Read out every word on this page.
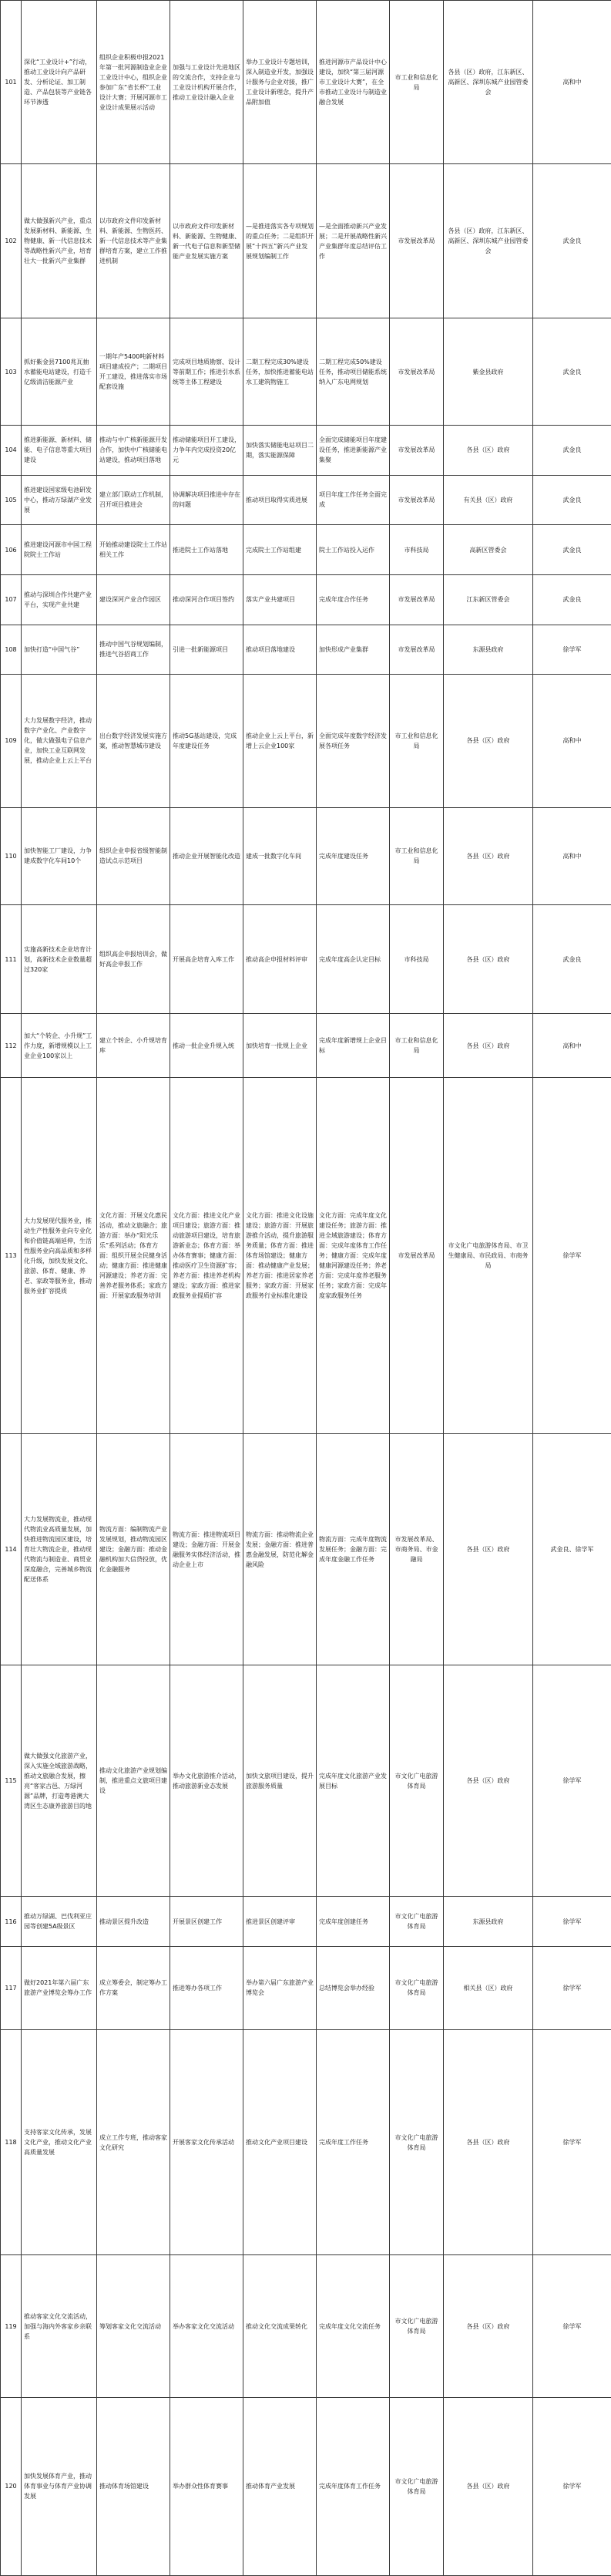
101	深化“工业设计+”行动，推动工业设计向产品研发、分析论证、加工制造、产品包装等产业链各环节渗透	组织企业积极申报2021年第一批河源制造业企业工业设计中心，组织企业参加广东“省长杯”工业设计大赛；开展河源市工业设计成果展示活动	加强与工业设计先进地区的交流合作，支持企业与工业设计机构开展合作，推动工业设计融入企业	举办工业设计专题培训，深入制造业开发，加强设计服务与企业对接，推广工业设计新理念，提升产品附加值	推进河源市产品设计中心建设，加快“第三届河源市工业设计大赛”，在全市推动工业设计与制造业融合发展	市工业和信息化局	各县（区）政府，江东新区、高新区、深圳东城产业园管委会	高和中
102	做大做强新兴产业，重点发展新材料、新能源、生物健康、新一代信息技术等战略性新兴产业，培育壮大一批新兴产业集群	以市政府文件印发新材料、新能源、生物医药、新一代信息技术等产业集群培育方案，建立工作推进机制	以市政府文件印发新材料、新能源、生物健康、新一代电子信息和新型储能产业发展实施方案	—是推进落实各专项规划的重点任务；二是组织开展“十四五”新兴产业发展规划编制工作	—是全面推动新兴产业发展；二是开展战略性新兴产业集群年度总结评估工作	市发展改革局	各县（区）政府，江东新区、高新区、深圳东城产业园管委会	武金良
103	抓好紫金县7100兆瓦抽水蓄能电站建设，打造千亿级清洁能源产业	一期年产5400吨新材料项目建成投产；二期项目开工建设，推进落实市场配套设施	完成项目地质勘察、设计等前期工作；推进引水系统等主体工程建设	二期工程完成30%建设任务，加快推进蓄能电站水工建筑物施工	二期工程完成50%建设任务，推动项目储能系统纳入广东电网规划	市发展改革局	紫金县政府	武金良
104	推进新能源、新材料、储能、电子信息等重大项目建设	推动与中广核新能源开发合作，加快中广核储能电站建设，推动项目落地	推动储能项目开工建设，力争年内完成投资20亿元	加快落实储能电站项目二期，落实能源保障	全面完成储能项目年度建设任务，推进新能源产业集聚	市发展改革局	各县（区）政府	武金良
105	推进建设国家级电池研发中心，推动万绿湖产业发展	建立部门联动工作机制，召开项目推进会	协调解决项目推进中存在的问题	推动项目取得实质进展	项目年度工作任务全面完成	市发展改革局	有关县（区）政府	武金良
106	推进建设河源市中国工程院院士工作站	开始推动建设院士工作站相关工作	推进院士工作站落地	完成院士工作站组建	院士工作站投入运作	市科技局	高新区管委会	武金良
107	推动与深圳合作共建产业平台，实现产业共建	建设深河产业合作园区	推动深河合作项目签约	落实产业共建项目	完成年度合作任务	市发展改革局	江东新区管委会	武金良
108	加快打造“中国气谷”	推动中国气谷规划编制，推进气谷招商工作	引进一批新能源项目	推动项目落地建设	加快形成产业集群	市发展改革局	东源县政府	徐学军
109	大力发展数字经济，推动数字产业化、产业数字化，做大做强电子信息产业，加快工业互联网发展，推动企业上云上平台	出台数字经济发展实施方案，推动智慧城市建设	推动5G基站建设，完成年度建设任务	推动企业上云上平台，新增上云企业100家	全面完成年度数字经济发展各项任务	市工业和信息化局	各县（区）政府	高和中
110	加快智能工厂建设，力争建成数字化车间10个	组织企业申报省级智能制造试点示范项目	推动企业开展智能化改造	建成一批数字化车间	完成年度建设任务	市工业和信息化局	各县（区）政府	高和中
111	实施高新技术企业培育计划，高新技术企业数量超过320家	组织高企申报培训会，做好高企申报工作	开展高企培育入库工作	推动高企申报材料评审	完成年度高企认定目标	市科技局	各县（区）政府	武金良
112	加大“个转企、小升规”工作力度，新增规模以上工业企业100家以上	建立个转企、小升规培育库	推动一批企业升规入统	加快培育一批规上企业	完成年度新增规上企业目标	市工业和信息化局	各县（区）政府	高和中
113	大力发展现代服务业，推动生产性服务业向专业化和价值链高端延伸，生活性服务业向高品质和多样化升级，加快发展文化、旅游、体育、健康、养老、家政等服务业，推动服务业扩容提质	文化方面：开展文化惠民活动，推动文旅融合；旅游方面：举办“阳光乐乐”系列活动；体育方面：组织开展全民健身活动；健康方面：推进健康河源建设；养老方面：完善养老服务体系；家政方面：开展家政服务培训	文化方面：推进文化产业项目建设；旅游方面：推动旅游项目建设，培育旅游新业态；体育方面：举办体育赛事；健康方面：推动医疗卫生资源扩容；养老方面：推进养老机构建设；家政方面：推进家政服务业提质扩容	文化方面：推进文化设施建设；旅游方面：开展旅游推介活动，提升旅游服务质量；体育方面：推进体育场馆建设；健康方面：推动健康产业发展；养老方面：推进居家养老服务；家政方面：开展家政服务行业标准化建设	文化方面：完成年度文化建设任务；旅游方面：推进全域旅游建设；体育方面：完成年度体育工作任务；健康方面：完成年度健康河源建设任务；养老方面：完成年度养老服务任务；家政方面：完成年度家政服务任务	市发展改革局	市文化广电旅游体育局、市卫生健康局、市民政局、市商务局	徐学军
114	大力发展物流业，推动现代物流业高质量发展，加快推进物流园区建设，培育壮大物流企业，推动现代物流与制造业、商贸业深度融合，完善城乡物流配送体系	物流方面：编制物流产业发展规划，推动物流园区建设；金融方面：推动金融机构加大信贷投放，优化金融服务	物流方面：推进物流项目建设；金融方面：开展金融服务实体经济活动，推动企业上市	物流方面：推动物流企业发展；金融方面：推进普惠金融发展，防范化解金融风险	物流方面：完成年度物流发展任务；金融方面：完成年度金融工作任务	市发展改革局、市商务局、市金融局	各县（区）政府	武金良、徐学军
115	做大做强文化旅游产业，深入实施全域旅游战略，推动文旅融合发展，擦亮“客家古邑、万绿河源”品牌，打造粤港澳大湾区生态康养旅游目的地	推动文化旅游产业规划编制，推进重点文旅项目建设	举办文化旅游推介活动，推动旅游新业态发展	加快文旅项目建设，提升旅游服务质量	完成年度文化旅游产业发展目标	市文化广电旅游体育局	各县（区）政府	徐学军
116	推动万绿湖、巴伐利亚庄园等创建5A级景区	推动景区提升改造	开展景区创建工作	推进景区创建评审	完成年度创建任务	市文化广电旅游体育局	东源县政府	徐学军
117	做好2021年第六届广东旅游产业博览会筹办工作	成立筹委会，制定筹办工作方案	推进筹办各项工作	举办第六届广东旅游产业博览会	总结博览会举办经验	市文化广电旅游体育局	相关县（区）政府	徐学军
118	支持客家文化传承，发展文化产业，推动文化产业高质量发展	成立工作专班，推动客家文化研究	开展客家文化传承活动	推动文化产业项目建设	完成年度工作任务	市文化广电旅游体育局	各县（区）政府	徐学军
119	推动客家文化交流活动，加强与海内外客家乡亲联系	筹划客家文化交流活动	举办客家文化交流活动	推动文化交流成果转化	完成年度文化交流任务	市文化广电旅游体育局	各县（区）政府	徐学军
120	加快发展体育产业，推动体育事业与体育产业协调发展	推动体育场馆建设	举办群众性体育赛事	推动体育产业发展	完成年度体育工作任务	市文化广电旅游体育局	各县（区）政府	徐学军
